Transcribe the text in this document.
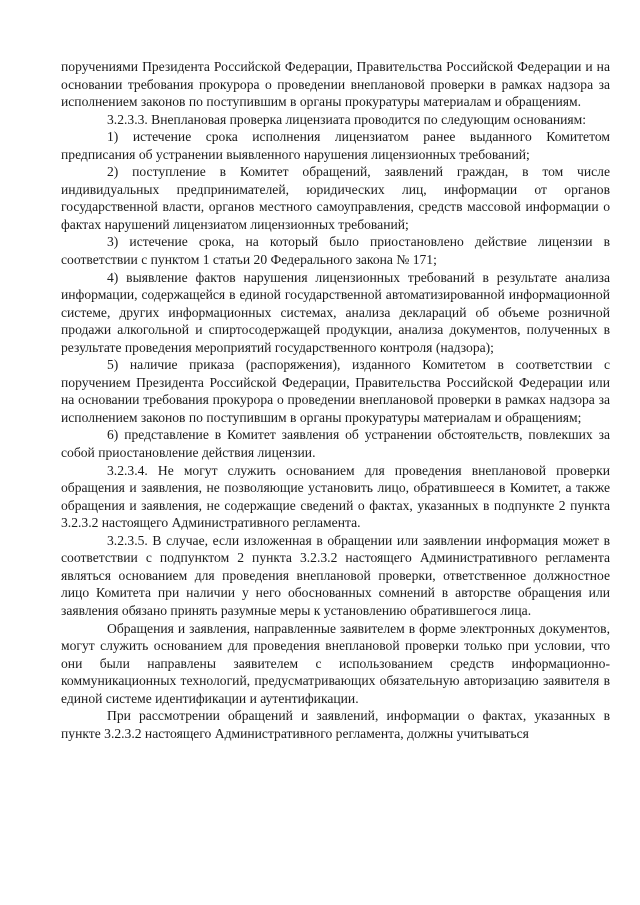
поручениями Президента Российской Федерации, Правительства Российской Федерации и на основании требования прокурора о проведении внеплановой проверки в рамках надзора за исполнением законов по поступившим в органы прокуратуры материалам и обращениям.

3.2.3.3. Внеплановая проверка лицензиата проводится по следующим основаниям:

1) истечение срока исполнения лицензиатом ранее выданного Комитетом предписания об устранении выявленного нарушения лицензионных требований;

2) поступление в Комитет обращений, заявлений граждан, в том числе индивидуальных предпринимателей, юридических лиц, информации от органов государственной власти, органов местного самоуправления, средств массовой информации о фактах нарушений лицензиатом лицензионных требований;

3) истечение срока, на который было приостановлено действие лицензии в соответствии с пунктом 1 статьи 20 Федерального закона № 171;

4) выявление фактов нарушения лицензионных требований в результате анализа информации, содержащейся в единой государственной автоматизированной информационной системе, других информационных системах, анализа деклараций об объеме розничной продажи алкогольной и спиртосодержащей продукции, анализа документов, полученных в результате проведения мероприятий государственного контроля (надзора);

5) наличие приказа (распоряжения), изданного Комитетом в соответствии с поручением Президента Российской Федерации, Правительства Российской Федерации или на основании требования прокурора о проведении внеплановой проверки в рамках надзора за исполнением законов по поступившим в органы прокуратуры материалам и обращениям;

6) представление в Комитет заявления об устранении обстоятельств, повлекших за собой приостановление действия лицензии.

3.2.3.4. Не могут служить основанием для проведения внеплановой проверки обращения и заявления, не позволяющие установить лицо, обратившееся в Комитет, а также обращения и заявления, не содержащие сведений о фактах, указанных в подпункте 2 пункта 3.2.3.2 настоящего Административного регламента.

3.2.3.5. В случае, если изложенная в обращении или заявлении информация может в соответствии с подпунктом 2 пункта 3.2.3.2 настоящего Административного регламента являться основанием для проведения внеплановой проверки, ответственное должностное лицо Комитета при наличии у него обоснованных сомнений в авторстве обращения или заявления обязано принять разумные меры к установлению обратившегося лица.

Обращения и заявления, направленные заявителем в форме электронных документов, могут служить основанием для проведения внеплановой проверки только при условии, что они были направлены заявителем с использованием средств информационно-коммуникационных технологий, предусматривающих обязательную авторизацию заявителя в единой системе идентификации и аутентификации.

При рассмотрении обращений и заявлений, информации о фактах, указанных в пункте 3.2.3.2 настоящего Административного регламента, должны учитываться
